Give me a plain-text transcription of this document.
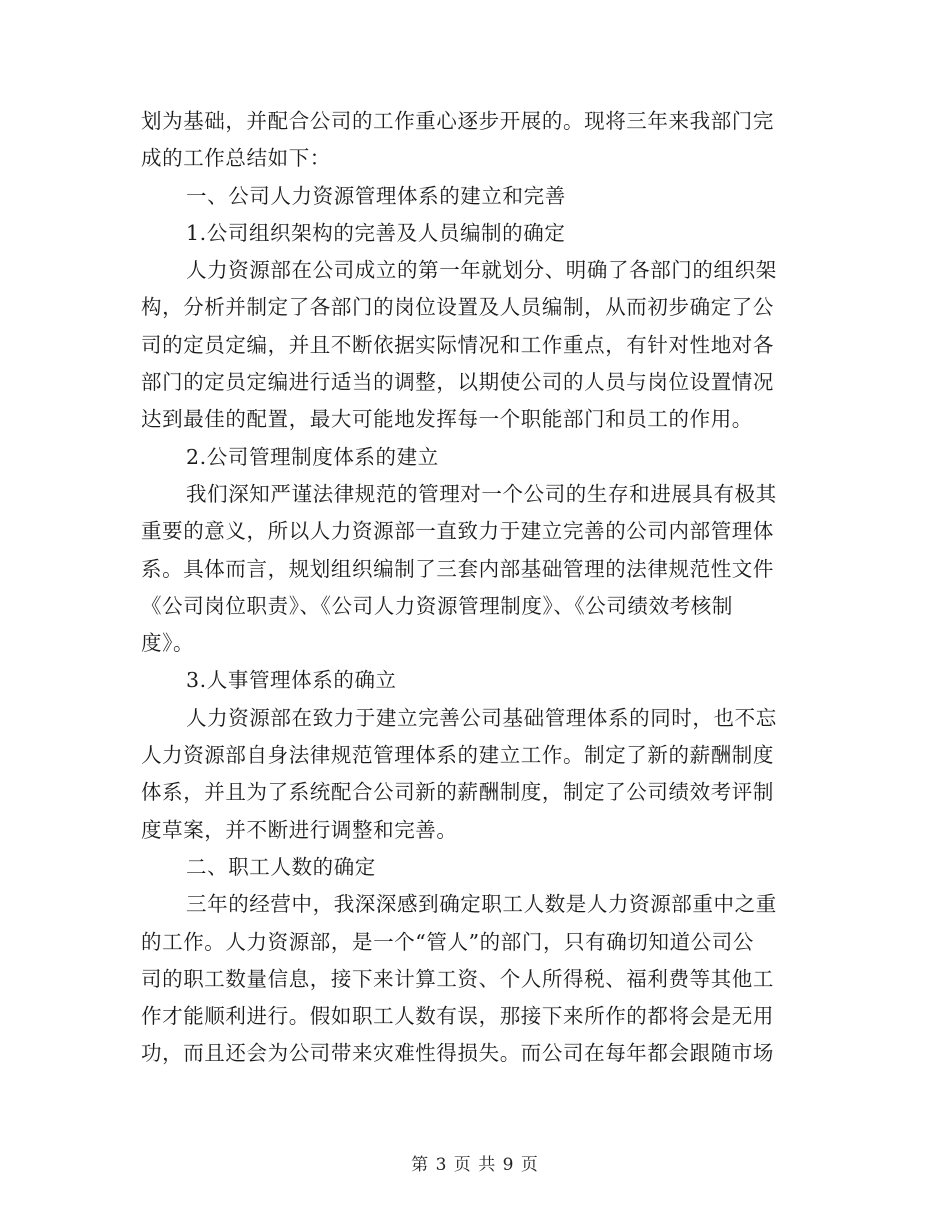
划为基础，并配合公司的工作重心逐步开展的。现将三年来我部门完
成的工作总结如下：
一、公司人力资源管理体系的建立和完善
1.公司组织架构的完善及人员编制的确定
人力资源部在公司成立的第一年就划分、明确了各部门的组织架
构，分析并制定了各部门的岗位设置及人员编制，从而初步确定了公
司的定员定编，并且不断依据实际情况和工作重点，有针对性地对各
部门的定员定编进行适当的调整，以期使公司的人员与岗位设置情况
达到最佳的配置，最大可能地发挥每一个职能部门和员工的作用。
2.公司管理制度体系的建立
我们深知严谨法律规范的管理对一个公司的生存和进展具有极其
重要的意义，所以人力资源部一直致力于建立完善的公司内部管理体
系。具体而言，规划组织编制了三套内部基础管理的法律规范性文件
《公司岗位职责》、《公司人力资源管理制度》、《公司绩效考核制
度》。
3.人事管理体系的确立
人力资源部在致力于建立完善公司基础管理体系的同时，也不忘
人力资源部自身法律规范管理体系的建立工作。制定了新的薪酬制度
体系，并且为了系统配合公司新的薪酬制度，制定了公司绩效考评制
度草案，并不断进行调整和完善。
二、职工人数的确定
三年的经营中，我深深感到确定职工人数是人力资源部重中之重
的工作。人力资源部，是一个“管人”的部门，只有确切知道公司公
司的职工数量信息，接下来计算工资、个人所得税、福利费等其他工
作才能顺利进行。假如职工人数有误，那接下来所作的都将会是无用
功，而且还会为公司带来灾难性得损失。而公司在每年都会跟随市场
第 3 页 共 9 页
